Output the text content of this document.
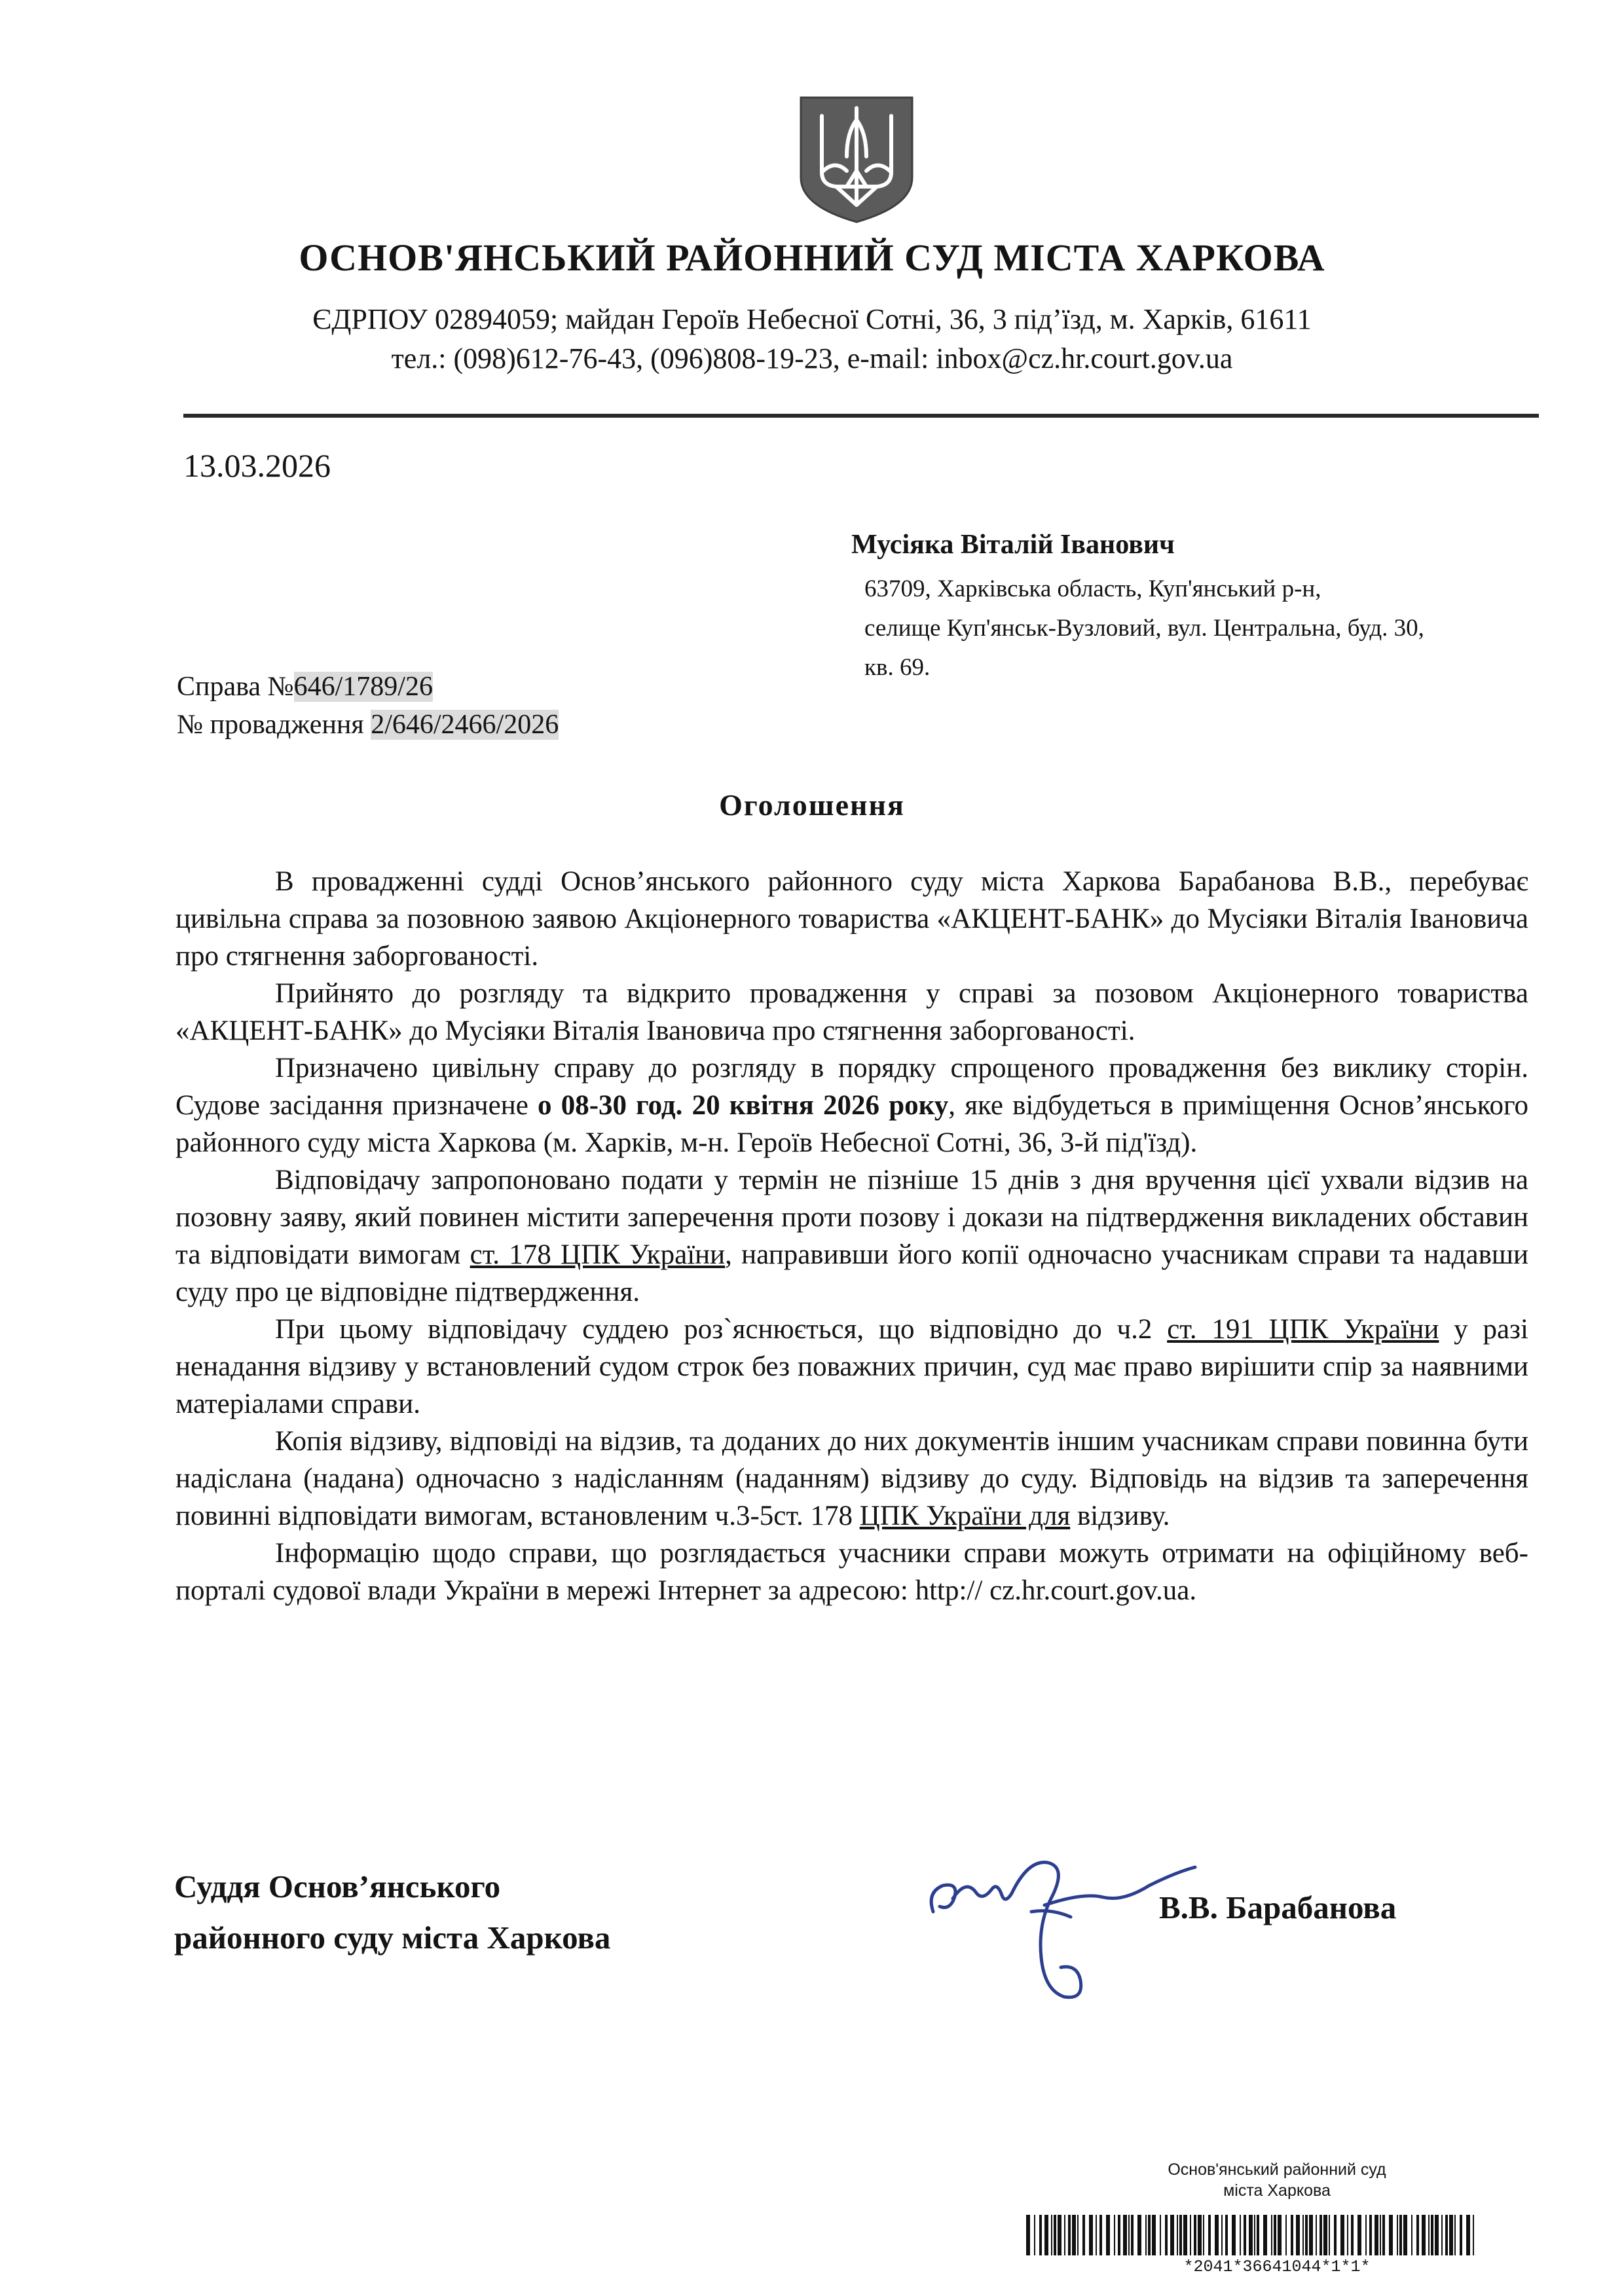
ОСНОВ'ЯНСЬКИЙ РАЙОННИЙ СУД МІСТА ХАРКОВА
ЄДРПОУ 02894059; майдан Героїв Небесної Сотні, 36, 3 під’їзд, м. Харків, 61611
тел.: (098)612-76-43, (096)808-19-23, e-mail: inbox@cz.hr.court.gov.ua
13.03.2026
Мусіяка Віталій Іванович
63709, Харківська область, Куп'янський р-н,
селище Куп'янськ-Вузловий, вул. Центральна, буд. 30,
кв. 69.
Справа №646/1789/26
№ провадження 2/646/2466/2026
Оголошення

В провадженні судді Основ’янського районного суду міста Харкова Барабанова В.В., перебуває цивільна справа за позовною заявою Акціонерного товариства «АКЦЕНТ-БАНК» до Мусіяки Віталія Івановича про стягнення заборгованості.

Прийнято до розгляду та відкрито провадження у справі за позовом Акціонерного товариства «АКЦЕНТ-БАНК» до Мусіяки Віталія Івановича про стягнення заборгованості.

Призначено цивільну справу до розгляду в порядку спрощеного провадження без виклику сторін. Судове засідання призначене о 08-30 год. 20 квітня 2026 року, яке відбудеться в приміщення Основ’янського районного суду міста Харкова (м. Харків, м-н. Героїв Небесної Сотні, 36, 3-й під'їзд).

Відповідачу запропоновано подати у термін не пізніше 15 днів з дня вручення цієї ухвали відзив на позовну заяву, який повинен містити заперечення проти позову і докази на підтвердження викладених обставин та відповідати вимогам ст. 178 ЦПК України, направивши його копії одночасно учасникам справи та надавши суду про це відповідне підтвердження.

При цьому відповідачу суддею роз`яснюється, що відповідно до ч.2 ст. 191 ЦПК України у разі ненадання відзиву у встановлений судом строк без поважних причин, суд має право вирішити спір за наявними матеріалами справи.

Копія відзиву, відповіді на відзив, та доданих до них документів іншим учасникам справи повинна бути надіслана (надана) одночасно з надісланням (наданням) відзиву до суду. Відповідь на відзив та заперечення повинні відповідати вимогам, встановленим ч.3-5ст. 178 ЦПК України для відзиву.

Інформацію щодо справи, що розглядається учасники справи можуть отримати на офіційному веб-порталі судової влади України в мережі Інтернет за адресою: http:// cz.hr.court.gov.ua.

Суддя Основ’янського
районного суду міста Харкова
В.В. Барабанова
Основ'янський районний суд
міста Харкова
*2041*36641044*1*1*
